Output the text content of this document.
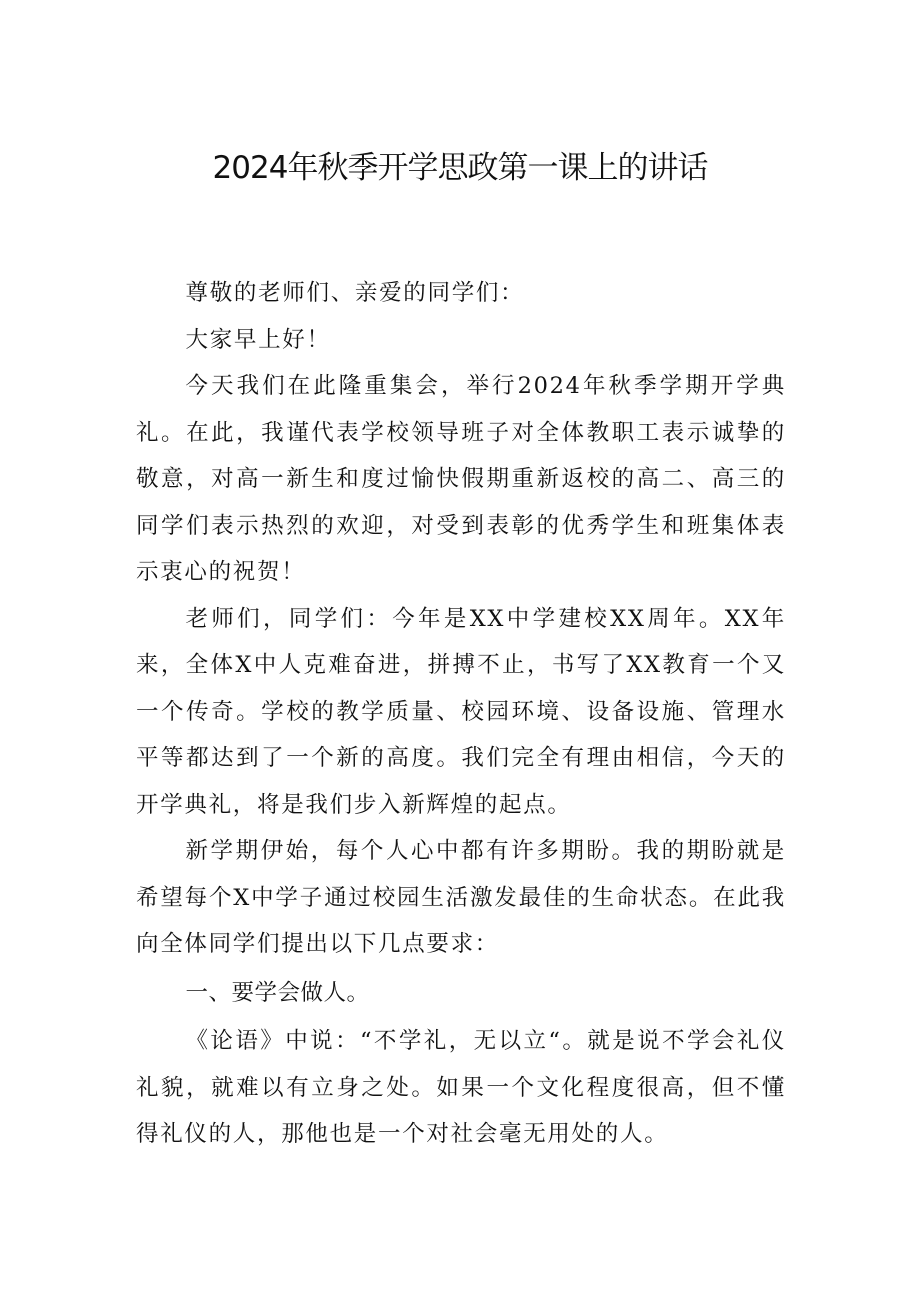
2024年秋季开学思政第一课上的讲话

尊敬的老师们、亲爱的同学们：

大家早上好！

今天我们在此隆重集会，举行2024年秋季学期开学典礼。在此，我谨代表学校领导班子对全体教职工表示诚挚的敬意，对高一新生和度过愉快假期重新返校的高二、高三的同学们表示热烈的欢迎，对受到表彰的优秀学生和班集体表示衷心的祝贺！

老师们，同学们：今年是XX中学建校XX周年。XX年来，全体X中人克难奋进，拼搏不止，书写了XX教育一个又一个传奇。学校的教学质量、校园环境、设备设施、管理水平等都达到了一个新的高度。我们完全有理由相信，今天的开学典礼，将是我们步入新辉煌的起点。

新学期伊始，每个人心中都有许多期盼。我的期盼就是希望每个X中学子通过校园生活激发最佳的生命状态。在此我向全体同学们提出以下几点要求：

一、要学会做人。

《论语》中说：“不学礼，无以立“。就是说不学会礼仪礼貌，就难以有立身之处。如果一个文化程度很高，但不懂得礼仪的人，那他也是一个对社会毫无用处的人。
